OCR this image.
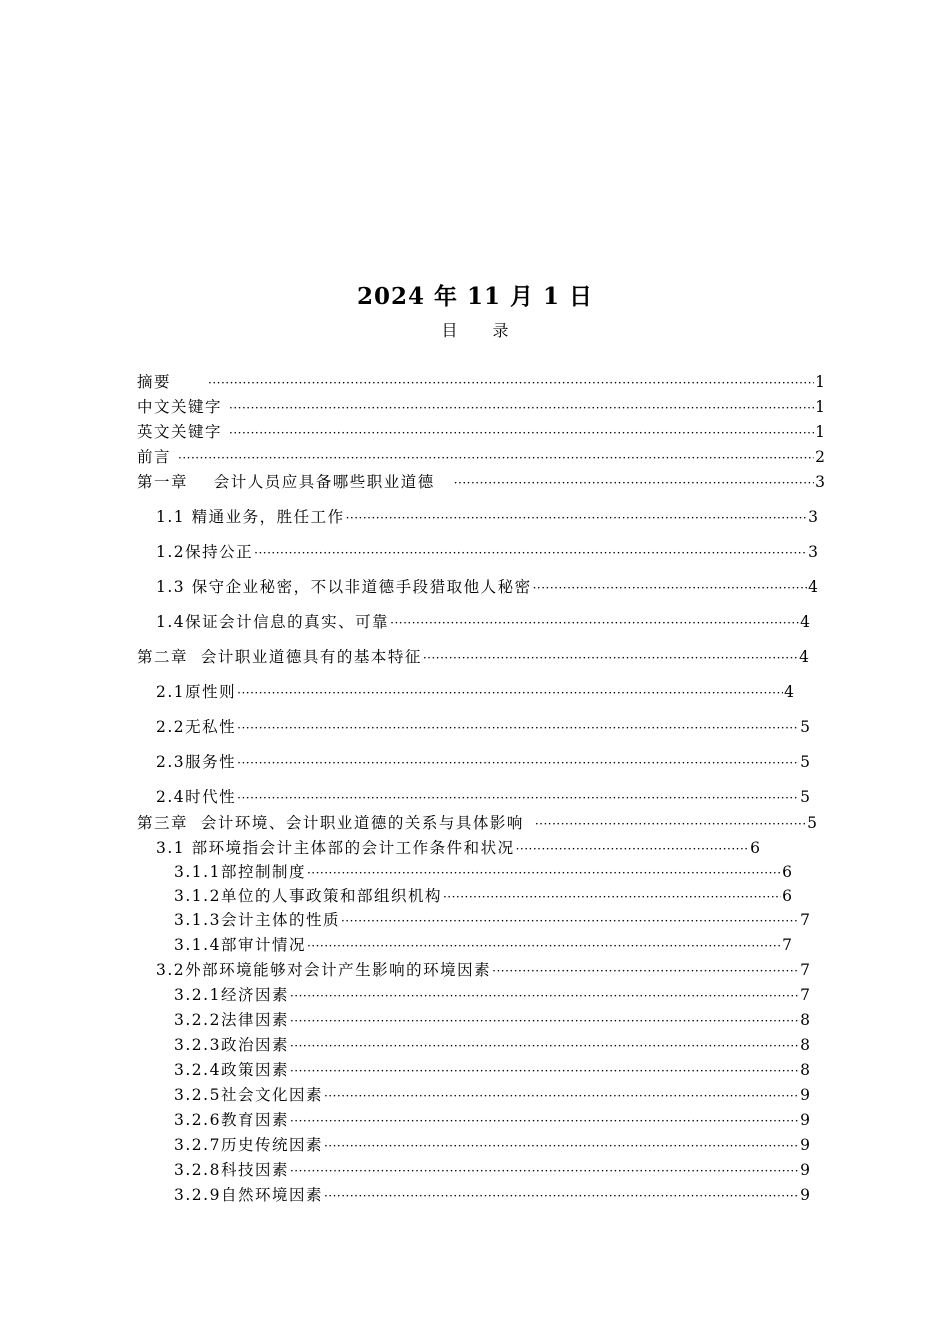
2024 年 11 月 1 日
目 录
摘要 ·····	1
中文关键字 ·····	1
英文关键字 ·····	1
前言 ·····	2
第一章    会计人员应具备哪些职业道德 ·····	3
1.1 精通业务，胜任工作 ·····	3
1.2保持公正 ·····	3
1.3 保守企业秘密，不以非道德手段猎取他人秘密 ·····	4
1.4保证会计信息的真实、可靠 ·····	4
第二章  会计职业道德具有的基本特征 ·····	4
2.1原性则 ·····	4
2.2无私性 ·····	5
2.3服务性 ·····	5
2.4时代性 ·····	5
第三章  会计环境、会计职业道德的关系与具体影响 ·····	5
3.1 部环境指会计主体部的会计工作条件和状况 ·····	6
3.1.1部控制制度 ·····	6
3.1.2单位的人事政策和部组织机构 ·····	6
3.1.3会计主体的性质 ·····	7
3.1.4部审计情况 ·····	7
3.2外部环境能够对会计产生影响的环境因素 ·····	7
3.2.1经济因素 ·····	7
3.2.2法律因素 ·····	8
3.2.3政治因素 ·····	8
3.2.4政策因素 ·····	8
3.2.5社会文化因素 ·····	9
3.2.6教育因素 ·····	9
3.2.7历史传统因素 ·····	9
3.2.8科技因素 ·····	9
3.2.9自然环境因素 ·····	9
